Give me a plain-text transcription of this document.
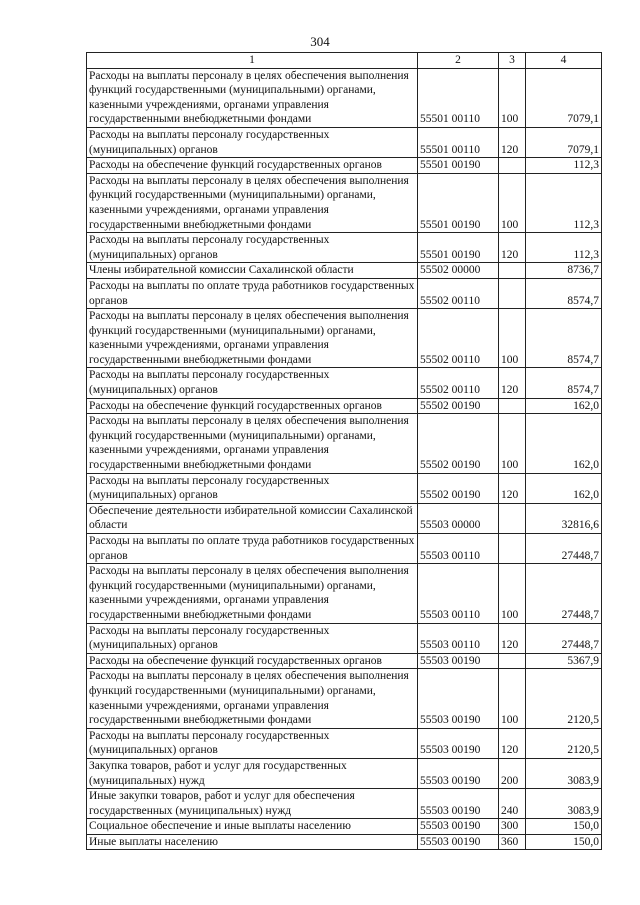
304
1	2	3	4
Расходы на выплаты персоналу в целях обеспечения выполнения функций государственными (муниципальными) органами, казенными учреждениями, органами управления государственными внебюджетными фондами	55501 00110	100	7079,1
Расходы на выплаты персоналу государственных (муниципальных) органов	55501 00110	120	7079,1
Расходы на обеспечение функций государственных органов	55501 00190		112,3
Расходы на выплаты персоналу в целях обеспечения выполнения функций государственными (муниципальными) органами, казенными учреждениями, органами управления государственными внебюджетными фондами	55501 00190	100	112,3
Расходы на выплаты персоналу государственных (муниципальных) органов	55501 00190	120	112,3
Члены избирательной комиссии Сахалинской области	55502 00000		8736,7
Расходы на выплаты по оплате труда работников государственных органов	55502 00110		8574,7
Расходы на выплаты персоналу в целях обеспечения выполнения функций государственными (муниципальными) органами, казенными учреждениями, органами управления государственными внебюджетными фондами	55502 00110	100	8574,7
Расходы на выплаты персоналу государственных (муниципальных) органов	55502 00110	120	8574,7
Расходы на обеспечение функций государственных органов	55502 00190		162,0
Расходы на выплаты персоналу в целях обеспечения выполнения функций государственными (муниципальными) органами, казенными учреждениями, органами управления государственными внебюджетными фондами	55502 00190	100	162,0
Расходы на выплаты персоналу государственных (муниципальных) органов	55502 00190	120	162,0
Обеспечение деятельности избирательной комиссии Сахалинской области	55503 00000		32816,6
Расходы на выплаты по оплате труда работников государственных органов	55503 00110		27448,7
Расходы на выплаты персоналу в целях обеспечения выполнения функций государственными (муниципальными) органами, казенными учреждениями, органами управления государственными внебюджетными фондами	55503 00110	100	27448,7
Расходы на выплаты персоналу государственных (муниципальных) органов	55503 00110	120	27448,7
Расходы на обеспечение функций государственных органов	55503 00190		5367,9
Расходы на выплаты персоналу в целях обеспечения выполнения функций государственными (муниципальными) органами, казенными учреждениями, органами управления государственными внебюджетными фондами	55503 00190	100	2120,5
Расходы на выплаты персоналу государственных (муниципальных) органов	55503 00190	120	2120,5
Закупка товаров, работ и услуг для государственных (муниципальных) нужд	55503 00190	200	3083,9
Иные закупки товаров, работ и услуг для обеспечения государственных (муниципальных) нужд	55503 00190	240	3083,9
Социальное обеспечение и иные выплаты населению	55503 00190	300	150,0
Иные выплаты населению	55503 00190	360	150,0
